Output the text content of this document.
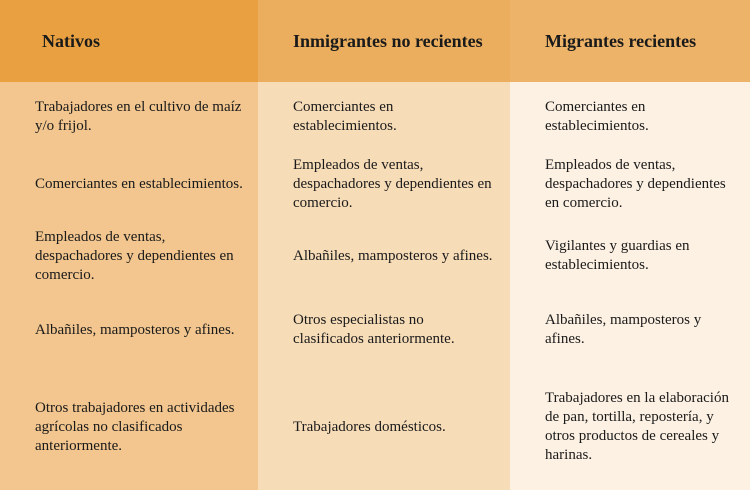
Nativos	Inmigrantes no recientes	Migrantes recientes
Trabajadores en el cultivo de maíz y/o frijol.
Comerciantes en establecimientos.
Comerciantes en establecimientos.
Comerciantes en establecimientos.
Empleados de ventas, despachadores y dependientes en comercio.
Empleados de ventas, despachadores y dependientes en comercio.
Empleados de ventas, despachadores y dependientes en comercio.
Albañiles, mamposteros y afines.
Vigilantes y guardias en establecimientos.
Albañiles, mamposteros y afines.
Otros especialistas no clasificados anteriormente.
Albañiles, mamposteros y afines.
Otros trabajadores en actividades agrícolas no clasificados anteriormente.
Trabajadores domésticos.
Trabajadores en la elaboración de pan, tortilla, repostería, y otros productos de cereales y harinas.
